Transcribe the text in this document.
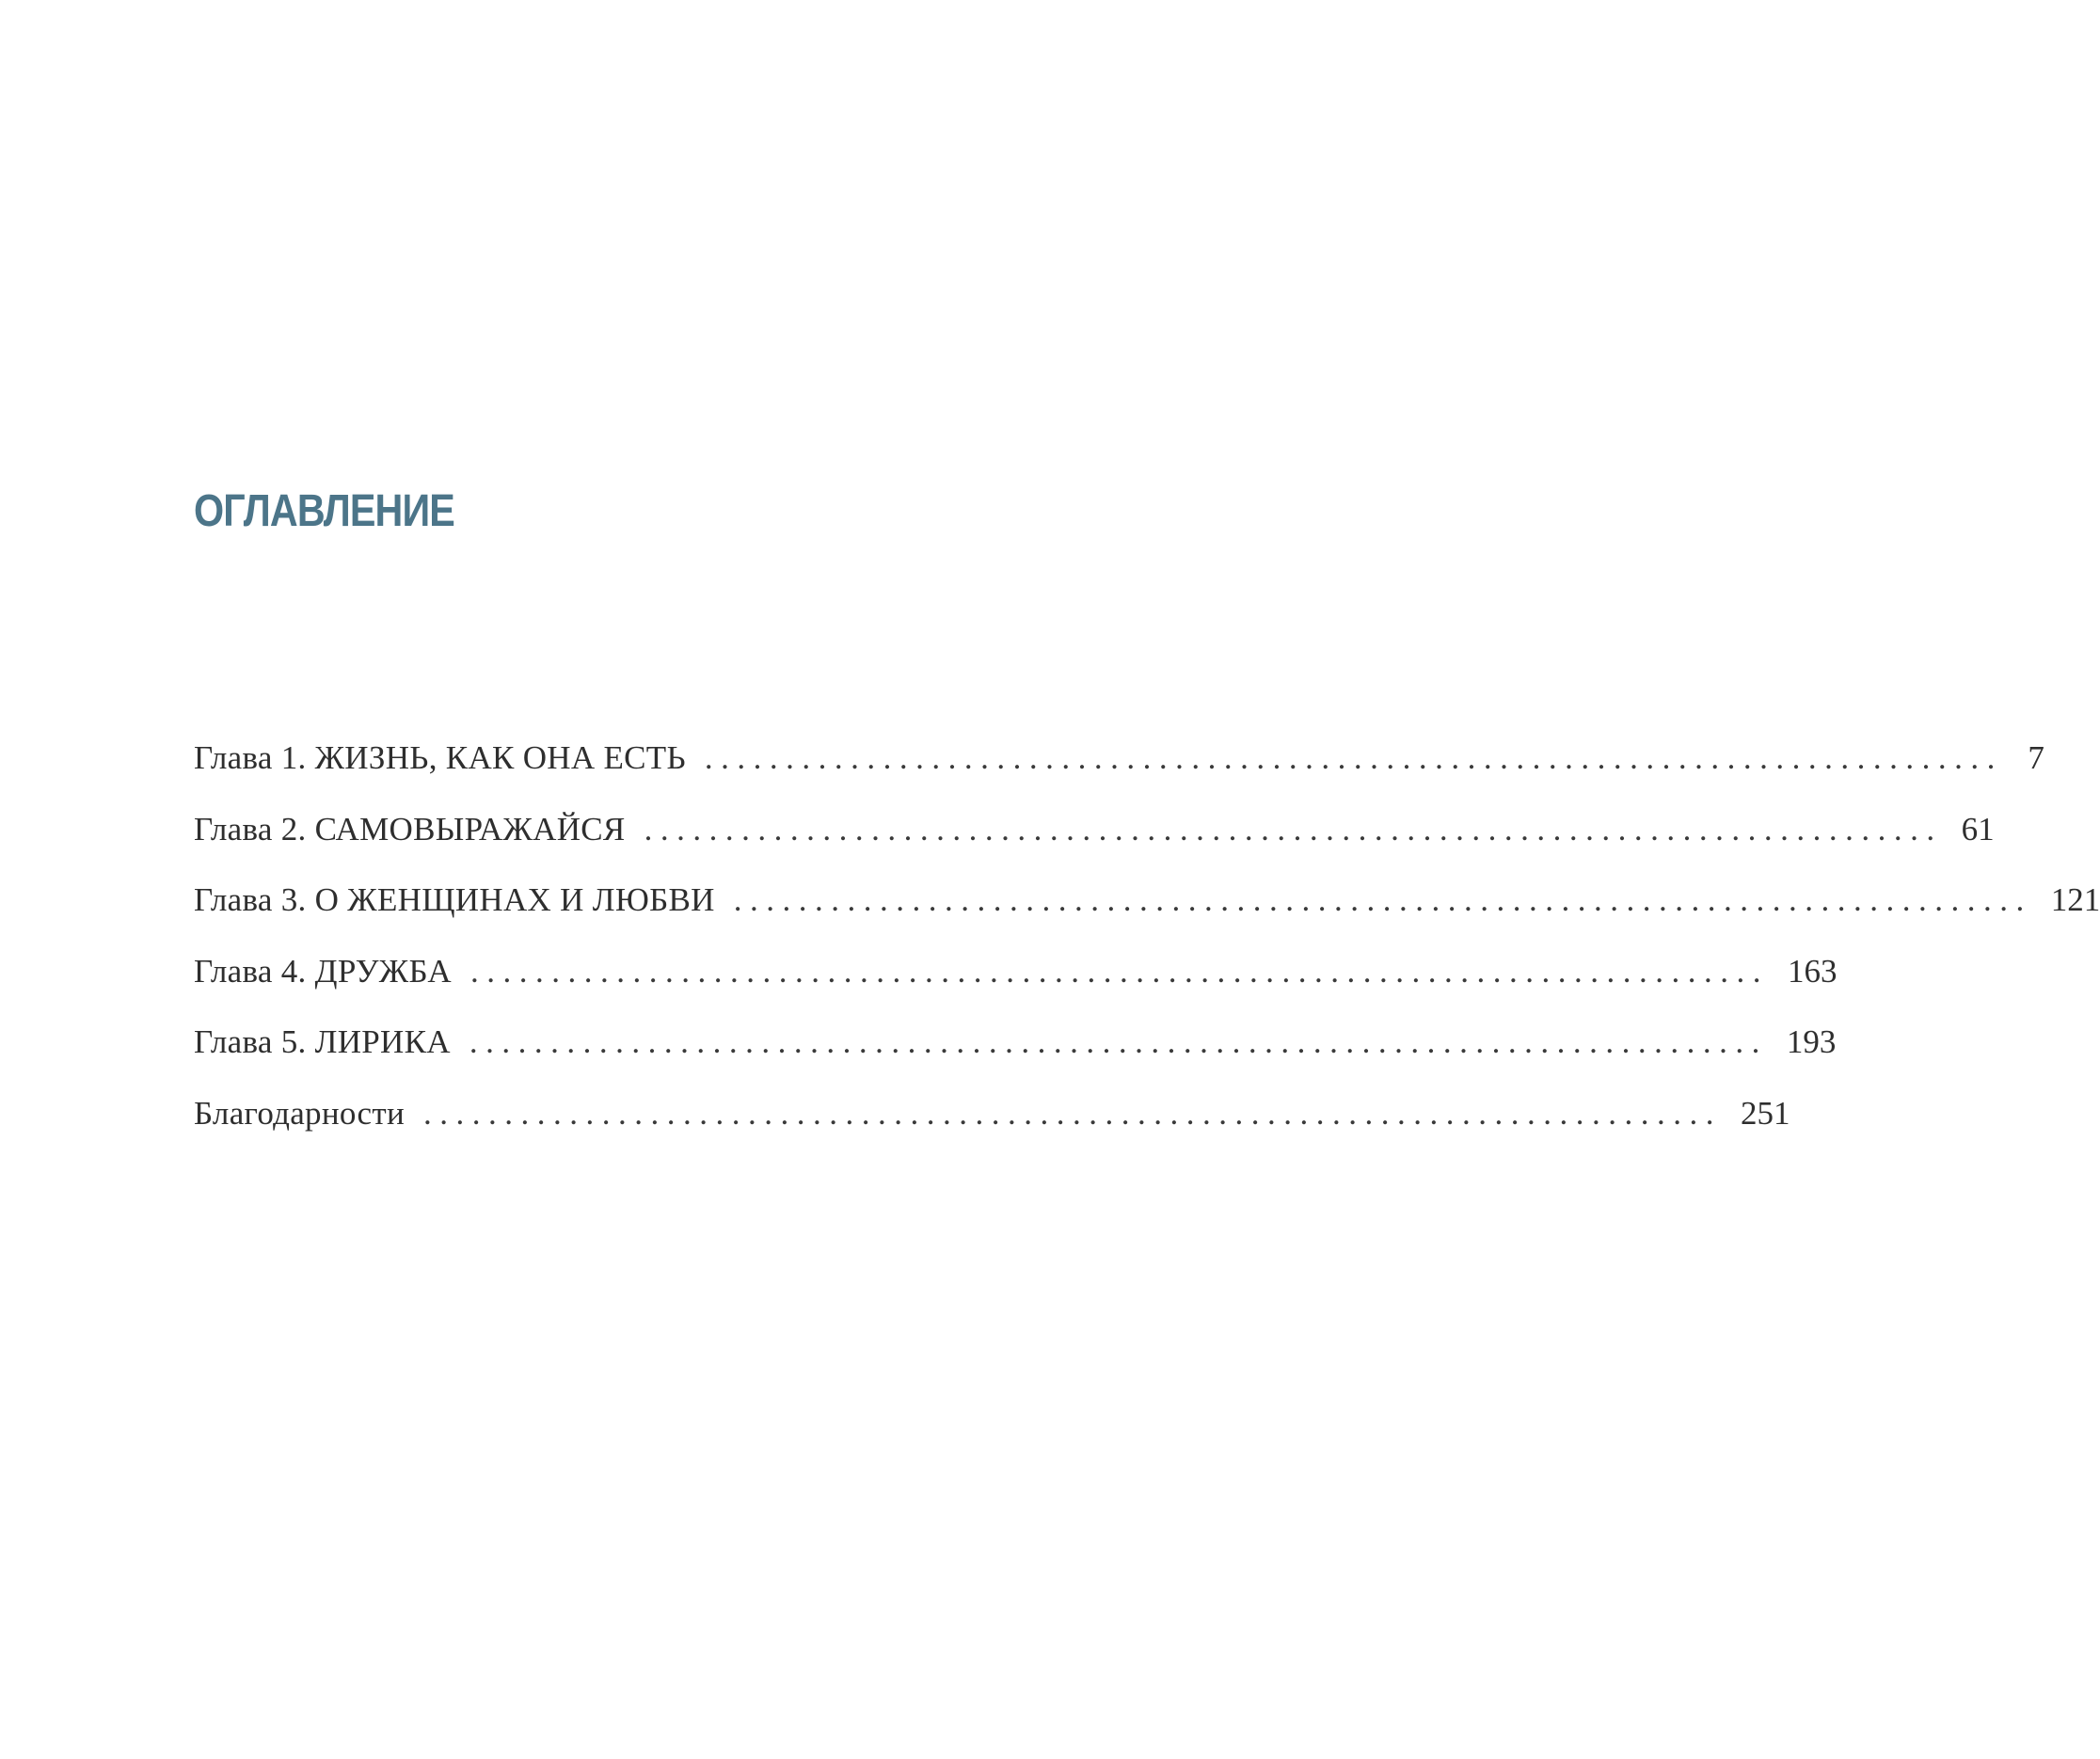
ОГЛАВЛЕНИЕ
Глава 1. ЖИЗНЬ, КАК ОНА ЕСТЬ ................................................................................ 7
Глава 2. САМОВЫРАЖАЙСЯ ................................................................................ 61
Глава 3. О ЖЕНЩИНАХ И ЛЮБВИ ................................................................................ 121
Глава 4. ДРУЖБА ................................................................................ 163
Глава 5. ЛИРИКА ................................................................................ 193
Благодарности ................................................................................ 251
